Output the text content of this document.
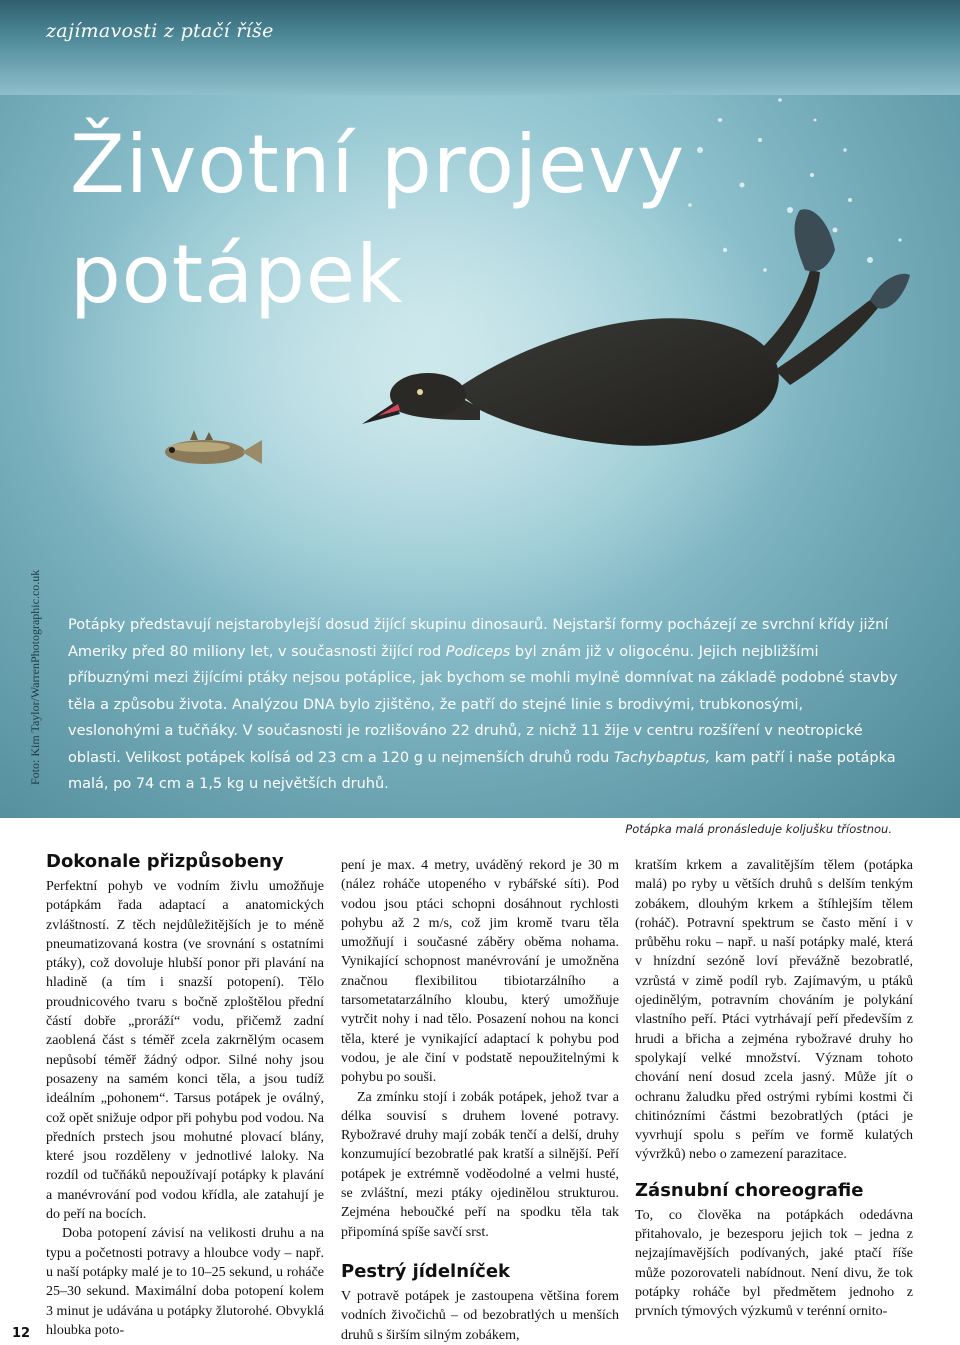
zajímavosti z ptačí říše
Životní projevy potápek
Foto: Kim Taylor/WarrenPhotographic.co.uk Potápky představují nejstarobylejší dosud žijící skupinu dinosaurů. Nejstarší formy pocházejí ze svrchní křídy jižní Ameriky před 80 miliony let, v současnosti žijící rod Podiceps byl znám již v oligocénu. Jejich nejbližšími příbuznými mezi žijícími ptáky nejsou potáplice, jak bychom se mohli mylně domnívat na základě podobné stavby těla a způsobu života. Analýzou DNA bylo zjištěno, že patří do stejné linie s brodivými, trubkonosými, veslonohými a tučňáky. V současnosti je rozlišováno 22 druhů, z nichž 11 žije v centru rozšíření v neotropické oblasti. Velikost potápek kolísá od 23 cm a 120 g u nejmenších druhů rodu Tachybaptus, kam patří i naše potápka malá, po 74 cm a 1,5 kg u největších druhů.

Potápka malá pronásleduje koljušku tříostnou.
Dokonale přizpůsobeny

Perfektní pohyb ve vodním živlu umožňuje potápkám řada adaptací a anatomických zvláštností. Z těch nejdůležitějších je to méně pneumatizovaná kostra (ve srovnání s ostatními ptáky), což dovoluje hlubší ponor při plavání na hladině (a tím i snazší potopení). Tělo proudnicového tvaru s bočně zploštělou přední částí dobře „proráží“ vodu, přičemž zadní zaoblená část s téměř zcela zakrnělým ocasem nepůsobí téměř žádný odpor. Silné nohy jsou posazeny na samém konci těla, a jsou tudíž ideálním „pohonem“. Tarsus potápek je oválný, což opět snižuje odpor při pohybu pod vodou. Na předních prstech jsou mohutné plovací blány, které jsou rozděleny v jednotlivé laloky. Na rozdíl od tučňáků nepoužívají potápky k plavání a manévrování pod vodou křídla, ale zatahují je do peří na bocích.

Doba potopení závisí na velikosti druhu a na typu a početnosti potravy a hloubce vody – např. u naší potápky malé je to 10–25 sekund, u roháče 25–30 sekund. Maximální doba potopení kolem 3 minut je udávána u potápky žlutorohé. Obvyklá hloubka poto-

pení je max. 4 metry, uváděný rekord je 30 m (nález roháče utopeného v rybářské síti). Pod vodou jsou ptáci schopni dosáhnout rychlosti pohybu až 2 m/s, což jim kromě tvaru těla umožňují i současné záběry oběma nohama. Vynikající schopnost manévrování je umožněna značnou flexibilitou tibiotarzálního a tarsometatarzálního kloubu, který umožňuje vytrčit nohy i nad tělo. Posazení nohou na konci těla, které je vynikající adaptací k pohybu pod vodou, je ale činí v podstatě nepoužitelnými k pohybu po souši.

Za zmínku stojí i zobák potápek, jehož tvar a délka souvisí s druhem lovené potravy. Rybožravé druhy mají zobák tenčí a delší, druhy konzumující bezobratlé pak kratší a silnější. Peří potápek je extrémně voděodolné a velmi husté, se zvláštní, mezi ptáky ojedinělou strukturou. Zejména heboučké peří na spodku těla tak připomíná spíše savčí srst.

Pestrý jídelníček

V potravě potápek je zastoupena většina forem vodních živočichů – od bezobratlých u menších druhů s širším silným zobákem,

kratším krkem a zavalitějším tělem (potápka malá) po ryby u větších druhů s delším tenkým zobákem, dlouhým krkem a štíhlejším tělem (roháč). Potravní spektrum se často mění i v průběhu roku – např. u naší potápky malé, která v hnízdní sezóně loví převážně bezobratlé, vzrůstá v zimě podíl ryb. Zajímavým, u ptáků ojedinělým, potravním chováním je polykání vlastního peří. Ptáci vytrhávají peří především z hrudi a břicha a zejména rybožravé druhy ho spolykají velké množství. Význam tohoto chování není dosud zcela jasný. Může jít o ochranu žaludku před ostrými rybími kostmi či chitinózními částmi bezobratlých (ptáci je vyvrhují spolu s peřím ve formě kulatých vývržků) nebo o zamezení parazitace.

Zásnubní choreografie

To, co člověka na potápkách odedávna přitahovalo, je bezesporu jejich tok – jedna z nejzajímavějších podívaných, jaké ptačí říše může pozorovateli nabídnout. Není divu, že tok potápky roháče byl předmětem jednoho z prvních týmových výzkumů v terénní ornito-

12
